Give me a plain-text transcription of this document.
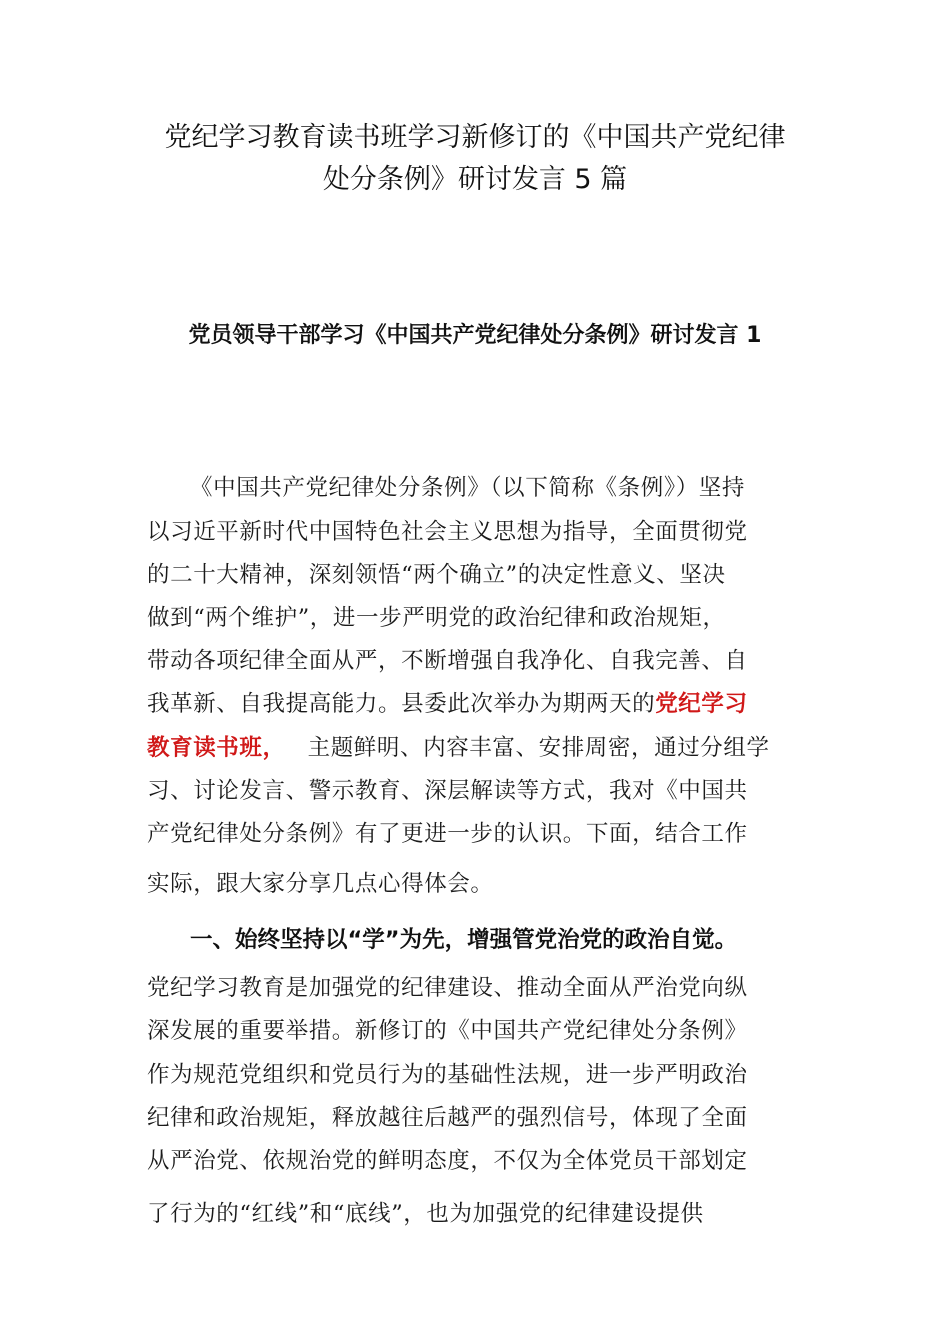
党纪学习教育读书班学习新修订的《中国共产党纪律
处分条例》研讨发言 5 篇
党员领导干部学习《中国共产党纪律处分条例》研讨发言 1
《中国共产党纪律处分条例》（以下简称《条例》）坚持
以习近平新时代中国特色社会主义思想为指导，全面贯彻党
的二十大精神，深刻领悟“两个确立”的决定性意义、坚决
做到“两个维护”，进一步严明党的政治纪律和政治规矩，
带动各项纪律全面从严，不断增强自我净化、自我完善、自
我革新、自我提高能力。县委此次举办为期两天的党纪学习
教育读书班， 主题鲜明、内容丰富、安排周密，通过分组学
习、讨论发言、警示教育、深层解读等方式，我对《中国共
产党纪律处分条例》有了更进一步的认识。下面，结合工作
实际，跟大家分享几点心得体会。
一、始终坚持以“学”为先，增强管党治党的政治自觉。
党纪学习教育是加强党的纪律建设、推动全面从严治党向纵
深发展的重要举措。新修订的《中国共产党纪律处分条例》
作为规范党组织和党员行为的基础性法规，进一步严明政治
纪律和政治规矩，释放越往后越严的强烈信号，体现了全面
从严治党、依规治党的鲜明态度，不仅为全体党员干部划定
了行为的“红线”和“底线”，也为加强党的纪律建设提供
